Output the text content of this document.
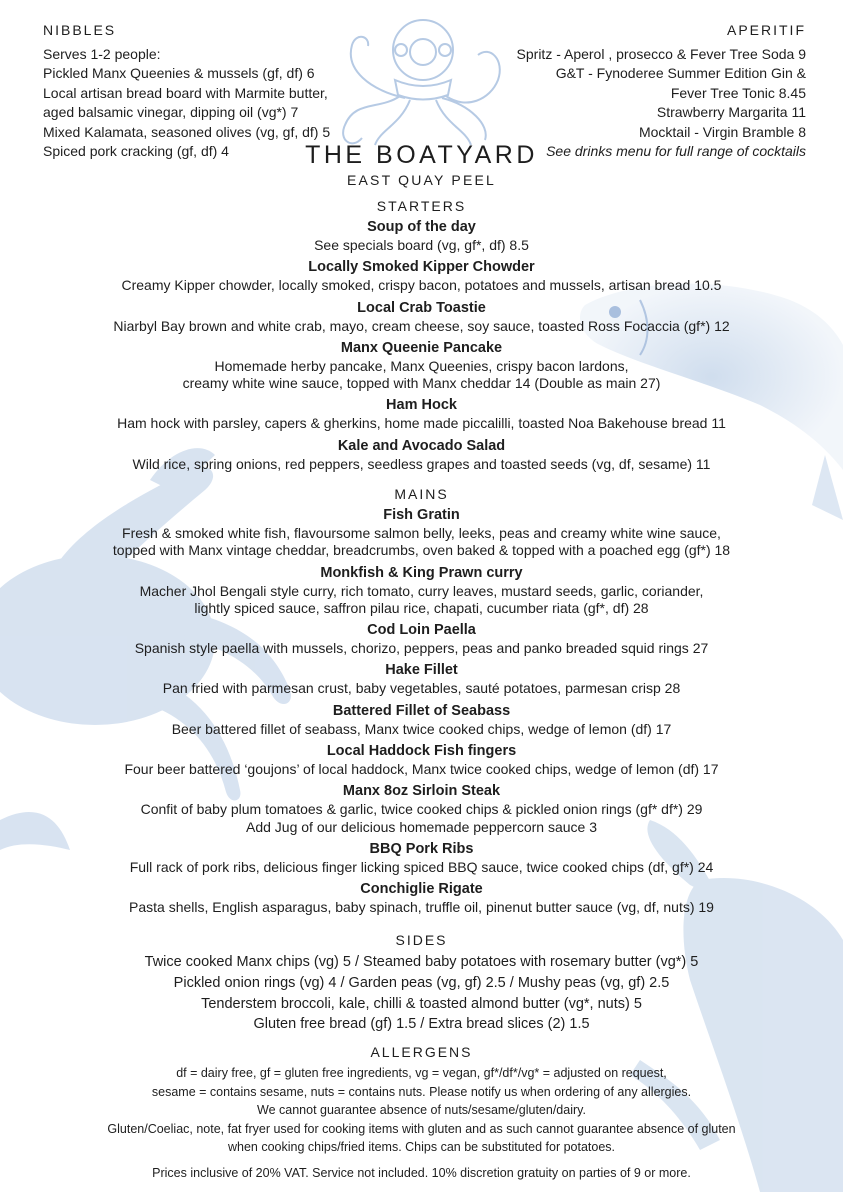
NIBBLES
Serves 1-2 people:
Pickled Manx Queenies & mussels (gf, df) 6
Local artisan bread board with Marmite butter,
aged balsamic vinegar, dipping oil (vg*) 7
Mixed Kalamata, seasoned olives (vg, gf, df) 5
Spiced pork cracking (gf, df) 4
APERITIF
Spritz - Aperol , prosecco & Fever Tree Soda 9
G&T - Fynoderee Summer Edition Gin &
Fever Tree Tonic 8.45
Strawberry Margarita 11
Mocktail - Virgin Bramble 8
See drinks menu for full range of cocktails
THE BOATYARD
EAST QUAY PEEL
STARTERS
Soup of the day
See specials board (vg, gf*, df) 8.5
Locally Smoked Kipper Chowder
Creamy Kipper chowder, locally smoked, crispy bacon, potatoes and mussels, artisan bread 10.5
Local Crab Toastie
Niarbyl Bay brown and white crab, mayo, cream cheese, soy sauce, toasted Ross Focaccia (gf*) 12
Manx Queenie Pancake
Homemade herby pancake, Manx Queenies, crispy bacon lardons,
creamy white wine sauce, topped with Manx cheddar 14 (Double as main 27)
Ham Hock
Ham hock with parsley, capers & gherkins, home made piccalilli, toasted Noa Bakehouse bread 11
Kale and Avocado Salad
Wild rice, spring onions, red peppers, seedless grapes and toasted seeds (vg, df, sesame) 11
MAINS
Fish Gratin
Fresh & smoked white fish, flavoursome salmon belly, leeks, peas and creamy white wine sauce,
topped with Manx vintage cheddar, breadcrumbs, oven baked & topped with a poached egg (gf*) 18
Monkfish & King Prawn curry
Macher Jhol Bengali style curry, rich tomato, curry leaves, mustard seeds, garlic, coriander,
lightly spiced sauce, saffron pilau rice, chapati, cucumber riata (gf*, df) 28
Cod Loin Paella
Spanish style paella with mussels, chorizo, peppers, peas and panko breaded squid rings 27
Hake Fillet
Pan fried with parmesan crust, baby vegetables, sauté potatoes, parmesan crisp 28
Battered Fillet of Seabass
Beer battered fillet of seabass, Manx twice cooked chips, wedge of lemon (df) 17
Local Haddock Fish fingers
Four beer battered ‘goujons’ of local haddock, Manx twice cooked chips, wedge of lemon (df) 17
Manx 8oz Sirloin Steak
Confit of baby plum tomatoes & garlic, twice cooked chips & pickled onion rings (gf* df*) 29
Add Jug of our delicious homemade peppercorn sauce 3
BBQ Pork Ribs
Full rack of pork ribs, delicious finger licking spiced BBQ sauce, twice cooked chips (df, gf*) 24
Conchiglie Rigate
Pasta shells, English asparagus, baby spinach, truffle oil, pinenut butter sauce (vg, df, nuts) 19
SIDES
Twice cooked Manx chips (vg) 5 / Steamed baby potatoes with rosemary butter (vg*) 5
Pickled onion rings (vg) 4 / Garden peas (vg, gf) 2.5 / Mushy peas (vg, gf) 2.5
Tenderstem broccoli, kale, chilli & toasted almond butter (vg*, nuts) 5
Gluten free bread (gf) 1.5 / Extra bread slices (2) 1.5
ALLERGENS
df = dairy free, gf = gluten free ingredients, vg = vegan, gf*/df*/vg* = adjusted on request,
sesame = contains sesame, nuts = contains nuts. Please notify us when ordering of any allergies.
We cannot guarantee absence of nuts/sesame/gluten/dairy.
Gluten/Coeliac, note, fat fryer used for cooking items with gluten and as such cannot guarantee absence of gluten
when cooking chips/fried items. Chips can be substituted for potatoes.
Prices inclusive of 20% VAT. Service not included. 10% discretion gratuity on parties of 9 or more.
